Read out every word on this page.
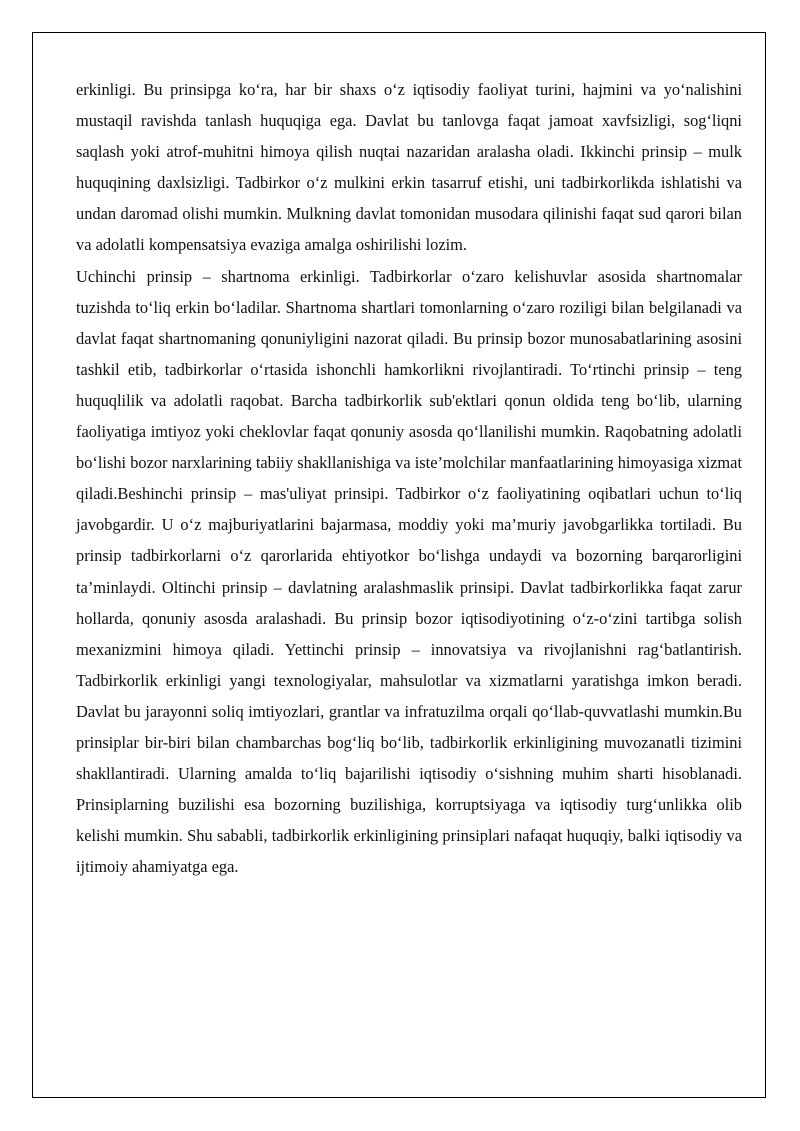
erkinligi. Bu prinsipga ko‘ra, har bir shaxs o‘z iqtisodiy faoliyat turini, hajmini va yo‘nalishini mustaqil ravishda tanlash huquqiga ega. Davlat bu tanlovga faqat jamoat xavfsizligi, sog‘liqni saqlash yoki atrof-muhitni himoya qilish nuqtai nazaridan aralasha oladi. Ikkinchi prinsip – mulk huquqining daxlsizligi. Tadbirkor o‘z mulkini erkin tasarruf etishi, uni tadbirkorlikda ishlatishi va undan daromad olishi mumkin. Mulkning davlat tomonidan musodara qilinishi faqat sud qarori bilan va adolatli kompensatsiya evaziga amalga oshirilishi lozim.

Uchinchi prinsip – shartnoma erkinligi. Tadbirkorlar o‘zaro kelishuvlar asosida shartnomalar tuzishda to‘liq erkin bo‘ladilar. Shartnoma shartlari tomonlarning o‘zaro roziligi bilan belgilanadi va davlat faqat shartnomaning qonuniyligini nazorat qiladi. Bu prinsip bozor munosabatlarining asosini tashkil etib, tadbirkorlar o‘rtasida ishonchli hamkorlikni rivojlantiradi. To‘rtinchi prinsip – teng huquqlilik va adolatli raqobat. Barcha tadbirkorlik sub'ektlari qonun oldida teng bo‘lib, ularning faoliyatiga imtiyoz yoki cheklovlar faqat qonuniy asosda qo‘llanilishi mumkin. Raqobatning adolatli bo‘lishi bozor narxlarining tabiiy shakllanishiga va iste’molchilar manfaatlarining himoyasiga xizmat qiladi.Beshinchi prinsip – mas'uliyat prinsipi. Tadbirkor o‘z faoliyatining oqibatlari uchun to‘liq javobgardir. U o‘z majburiyatlarini bajarmasa, moddiy yoki ma’muriy javobgarlikka tortiladi. Bu prinsip tadbirkorlarni o‘z qarorlarida ehtiyotkor bo‘lishga undaydi va bozorning barqarorligini ta’minlaydi. Oltinchi prinsip – davlatning aralashmaslik prinsipi. Davlat tadbirkorlikka faqat zarur hollarda, qonuniy asosda aralashadi. Bu prinsip bozor iqtisodiyotining o‘z-o‘zini tartibga solish mexanizmini himoya qiladi. Yettinchi prinsip – innovatsiya va rivojlanishni rag‘batlantirish. Tadbirkorlik erkinligi yangi texnologiyalar, mahsulotlar va xizmatlarni yaratishga imkon beradi. Davlat bu jarayonni soliq imtiyozlari, grantlar va infratuzilma orqali qo‘llab-quvvatlashi mumkin.Bu prinsiplar bir-biri bilan chambarchas bog‘liq bo‘lib, tadbirkorlik erkinligining muvozanatli tizimini shakllantiradi. Ularning amalda to‘liq bajarilishi iqtisodiy o‘sishning muhim sharti hisoblanadi. Prinsiplarning buzilishi esa bozorning buzilishiga, korruptsiyaga va iqtisodiy turg‘unlikka olib kelishi mumkin. Shu sababli, tadbirkorlik erkinligining prinsiplari nafaqat huquqiy, balki iqtisodiy va ijtimoiy ahamiyatga ega.
